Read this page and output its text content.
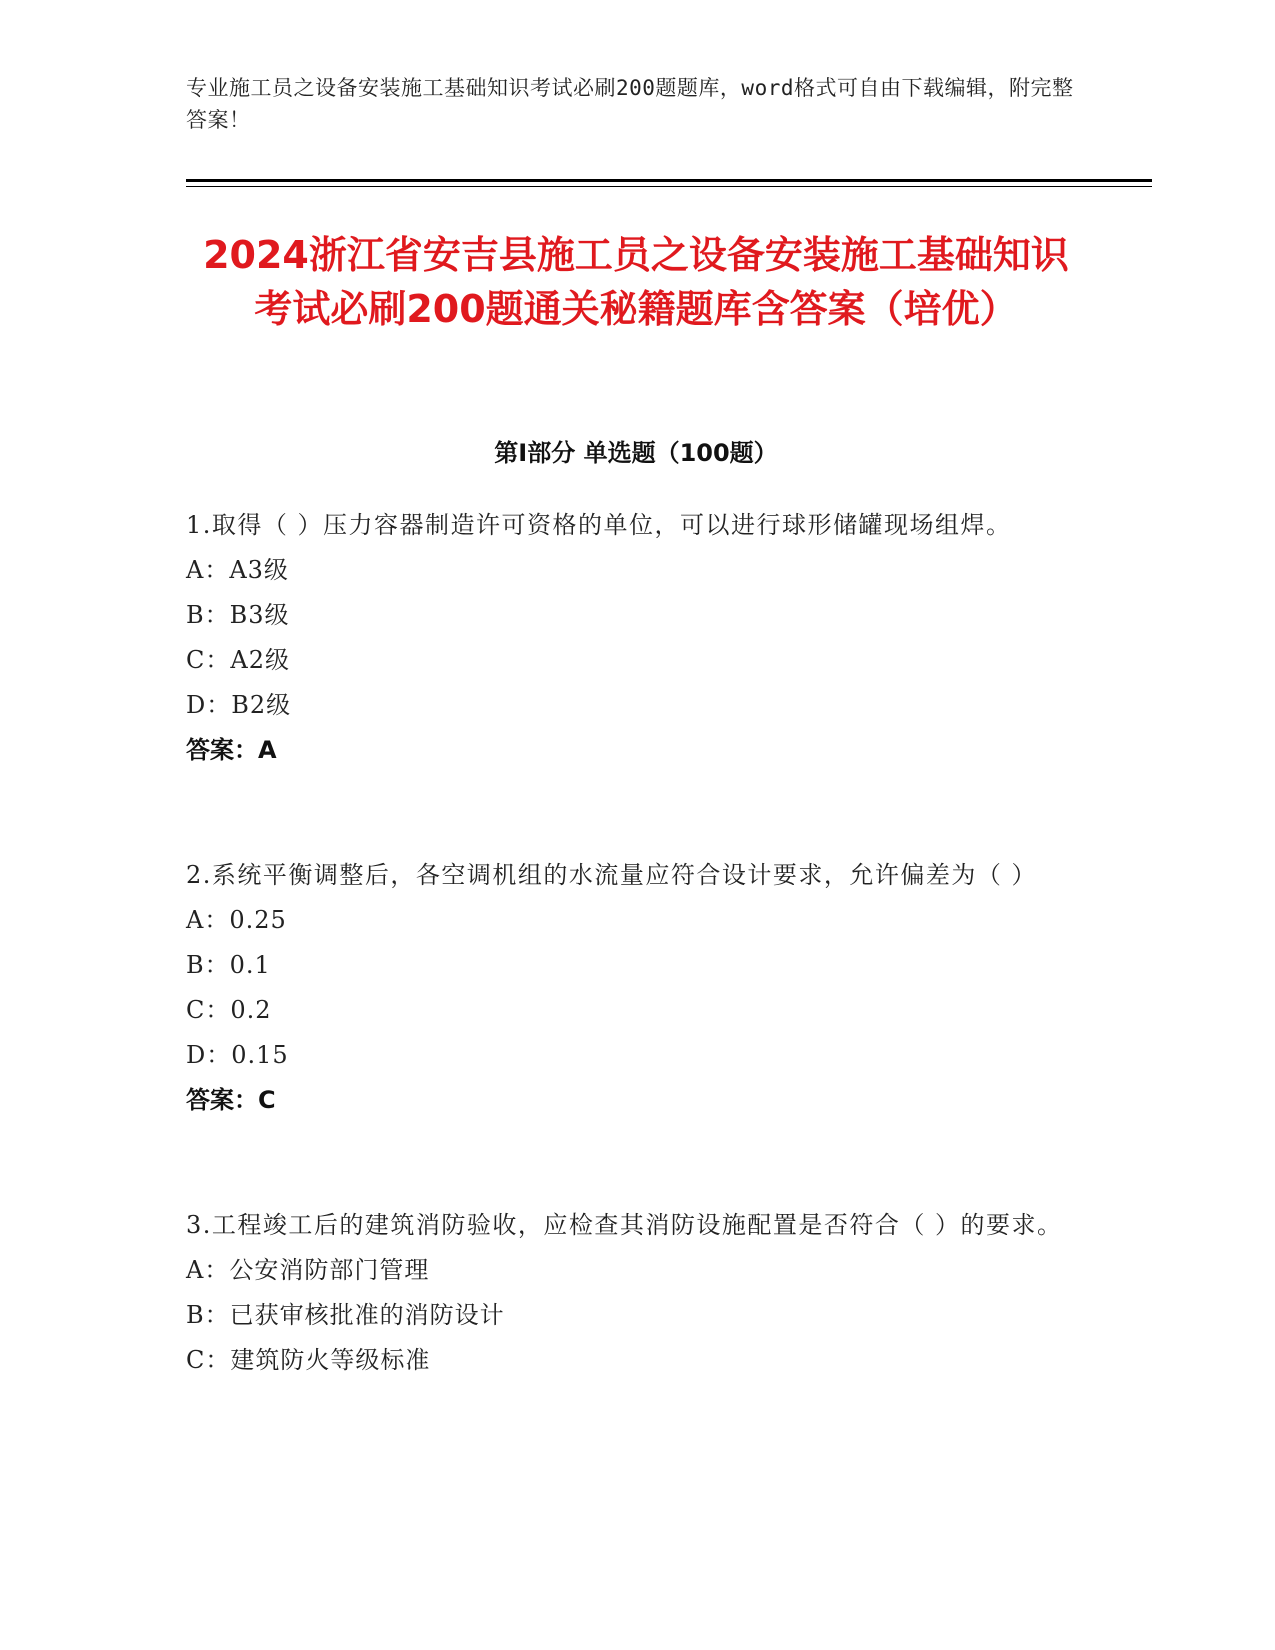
专业施工员之设备安装施工基础知识考试必刷200题题库，word格式可自由下载编辑，附完整答案！
2024浙江省安吉县施工员之设备安装施工基础知识考试必刷200题通关秘籍题库含答案（培优）
第Ⅰ部分 单选题（100题）
1.取得（ ）压力容器制造许可资格的单位，可以进行球形储罐现场组焊。
A：A3级
B：B3级
C：A2级
D：B2级
答案：A
2.系统平衡调整后，各空调机组的水流量应符合设计要求，允许偏差为（ ）
A：0.25
B：0.1
C：0.2
D：0.15
答案：C
3.工程竣工后的建筑消防验收，应检查其消防设施配置是否符合（ ）的要求。
A：公安消防部门管理
B：已获审核批准的消防设计
C：建筑防火等级标准
